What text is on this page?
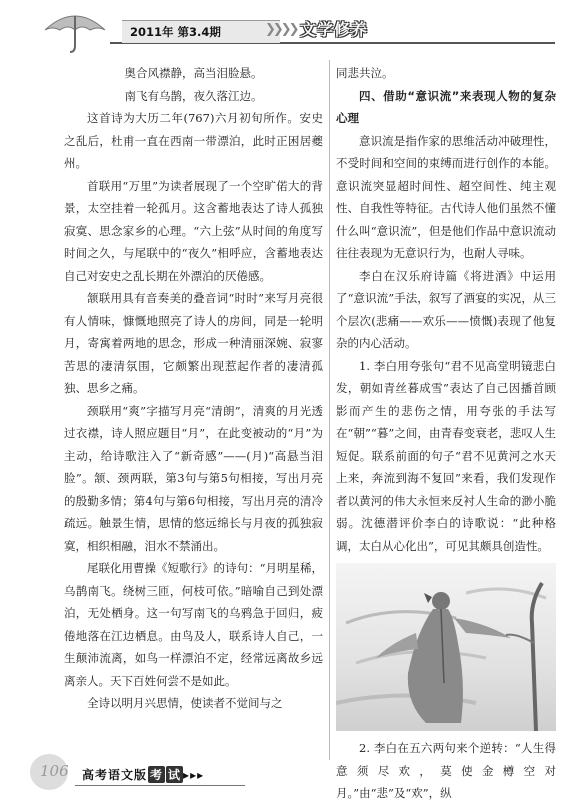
2011年 第3.4期	❯❯❯❯ 文学修养

奥合风襟静，高当泪脸悬。

南飞有乌鹊，夜久落江边。

这首诗为大历二年(767)六月初旬所作。安史之乱后，杜甫一直在西南一带漂泊，此时正困居夔州。

首联用“万里”为读者展现了一个空旷偌大的背景，太空挂着一轮孤月。这含蓄地表达了诗人孤独寂寞、思念家乡的心理。“六上弦”从时间的角度写时间之久，与尾联中的“夜久”相呼应，含蓄地表达自己对安史之乱长期在外漂泊的厌倦感。

颔联用具有音奏美的叠音词“时时”来写月亮很有人情味，慷慨地照亮了诗人的房间，同是一轮明月，寄寓着两地的思念，形成一种清丽深婉、寂寥苦思的凄清氛围，它颇繁出现惹起作者的凄清孤独、思乡之痛。

颈联用“爽”字描写月亮“清朗”，清爽的月光透过衣襟，诗人照应题目“月”，在此变被动的“月”为主动，给诗歌注入了“新奇感”——(月)“高悬当泪脸”。颔、颈两联，第3句与第5句相接，写出月亮的殷勤多情；第4句与第6句相接，写出月亮的清冷疏远。触景生情，思情的悠远绵长与月夜的孤独寂寞，相织相融，泪水不禁涌出。

尾联化用曹操《短歌行》的诗句：“月明星稀，乌鹊南飞。绕树三匝，何枝可依。”暗喻自己到处漂泊，无处栖身。这一句写南飞的乌鸦急于回归，疲倦地落在江边栖息。由鸟及人，联系诗人自己，一生颠沛流离，如鸟一样漂泊不定，经常远离故乡远离亲人。天下百姓何尝不是如此。

全诗以明月兴思情，使读者不觉间与之

同悲共泣。

四、借助“意识流”来表现人物的复杂心理

意识流是指作家的思维活动冲破理性，不受时间和空间的束缚而进行创作的本能。意识流突显超时间性、超空间性、纯主观性、自我性等特征。古代诗人他们虽然不懂什么叫“意识流”，但是他们作品中意识流动往往表现为无意识行为，也耐人寻味。

李白在汉乐府诗篇《将进酒》中运用了“意识流”手法，叙写了酒宴的实况，从三个层次(悲痛——欢乐——愤慨)表现了他复杂的内心活动。

1. 李白用夸张句“君不见高堂明镜悲白发，朝如青丝暮成雪”表达了自己因播首顾影而产生的悲伤之情，用夸张的手法写在“朝”“暮”之间，由青春变衰老，悲叹人生短促。联系前面的句子“君不见黄河之水天上来，奔流到海不复回”来看，我们发现作者以黄河的伟大永恒来反衬人生命的渺小脆弱。沈德潜评价李白的诗歌说：“此种格调，太白从心化出”，可见其颇具创造性。

2. 李白在五六两句来个逆转：“人生得意须尽欢，莫使金樽空对月。”由“悲”及“欢”，纵

106 高考语文版 考 试 ▸▸▸
